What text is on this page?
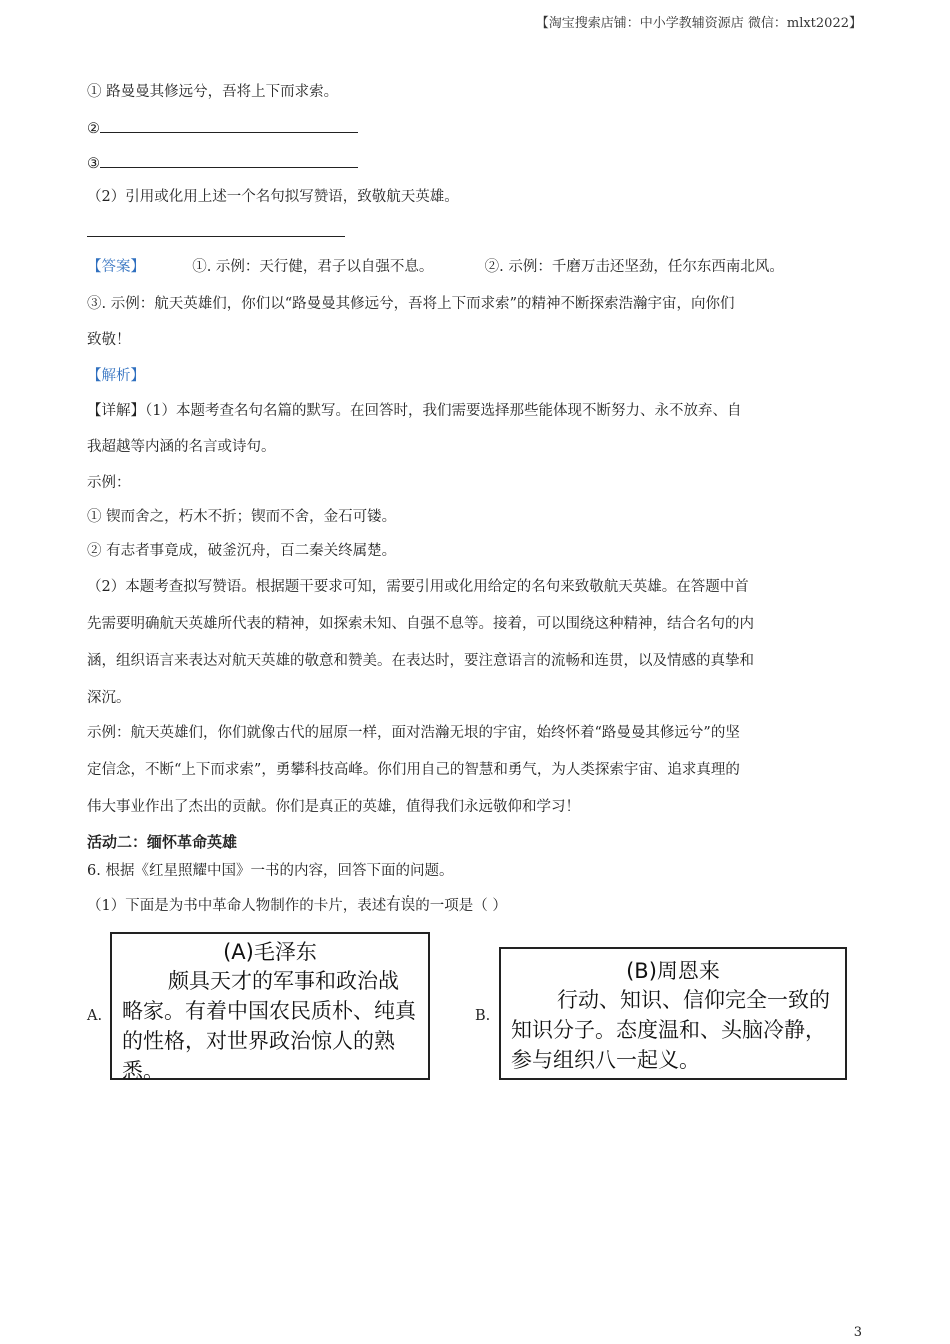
【淘宝搜索店铺：中小学教辅资源店 微信：mlxt2022】
① 路曼曼其修远兮，吾将上下而求索。
②
③
（2）引用或化用上述一个名句拟写赞语，致敬航天英雄。
【答案】	①. 示例：天行健，君子以自强不息。	②. 示例：千磨万击还坚劲，任尔东西南北风。
③. 示例：航天英雄们，你们以“路曼曼其修远兮，吾将上下而求索”的精神不断探索浩瀚宇宙，向你们
致敬！
【解析】
【详解】（1）本题考查名句名篇的默写。在回答时，我们需要选择那些能体现不断努力、永不放弃、自
我超越等内涵的名言或诗句。
示例：
① 锲而舍之，朽木不折；锲而不舍，金石可镂。
② 有志者事竟成，破釜沉舟，百二秦关终属楚。
（2）本题考查拟写赞语。根据题干要求可知，需要引用或化用给定的名句来致敬航天英雄。在答题中首
先需要明确航天英雄所代表的精神，如探索未知、自强不息等。接着，可以围绕这种精神，结合名句的内
涵，组织语言来表达对航天英雄的敬意和赞美。在表达时，要注意语言的流畅和连贯，以及情感的真挚和
深沉。
示例：航天英雄们，你们就像古代的屈原一样，面对浩瀚无垠的宇宙，始终怀着“路曼曼其修远兮”的坚
定信念，不断“上下而求索”，勇攀科技高峰。你们用自己的智慧和勇气，为人类探索宇宙、追求真理的
伟大事业作出了杰出的贡献。你们是真正的英雄，值得我们永远敬仰和学习！
活动二：缅怀革命英雄
6. 根据《红星照耀中国》一书的内容，回答下面的问题。
（1）下面是为书中革命人物制作的卡片，表述有误的一项是（ ）
A.
(A)毛泽东
颇具天才的军事和政治战略家。有着中国农民质朴、纯真的性格，对世界政治惊人的熟悉。
B.
(B)周恩来
行动、知识、信仰完全一致的知识分子。态度温和、头脑冷静，参与组织八一起义。
3
